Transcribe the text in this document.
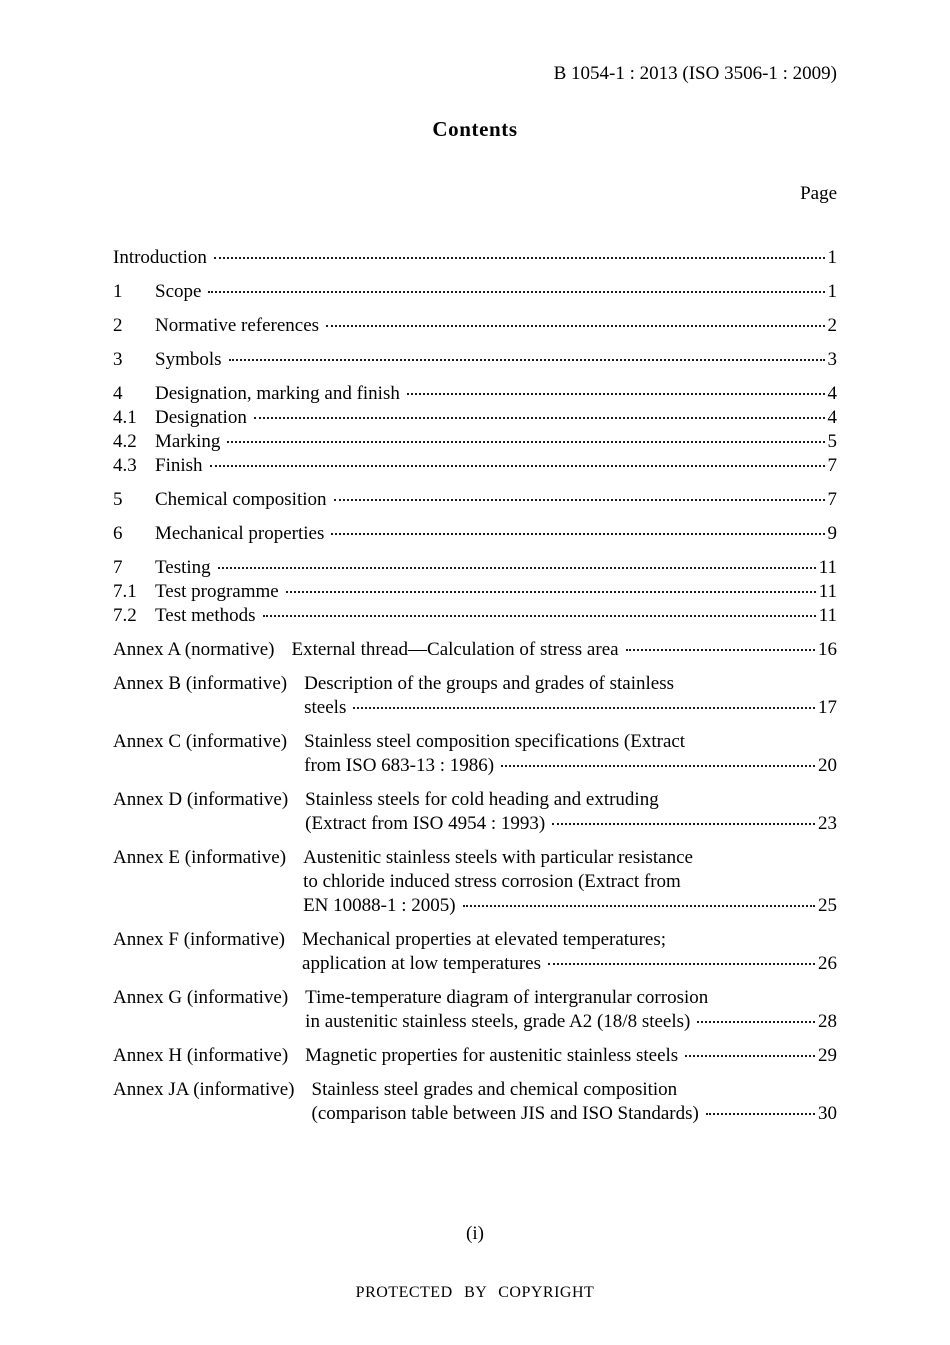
B 1054-1 : 2013 (ISO 3506-1 : 2009)
Contents
Page
Introduction	1
1	Scope	1
2	Normative references	2
3	Symbols	3
4	Designation, marking and finish	4
4.1 Designation	4
4.2 Marking	5
4.3 Finish	7
5	Chemical composition	7
6	Mechanical properties	9
7	Testing	11
7.1 Test programme	11
7.2 Test methods	11
Annex A (normative) External thread—Calculation of stress area	16
Annex B (informative) Description of the groups and grades of stainless
steels	17
Annex C (informative) Stainless steel composition specifications (Extract
from ISO 683-13 : 1986)	20
Annex D (informative) Stainless steels for cold heading and extruding
(Extract from ISO 4954 : 1993)	23
Annex E (informative) Austenitic stainless steels with particular resistance
to chloride induced stress corrosion (Extract from
EN 10088-1 : 2005)	25
Annex F (informative) Mechanical properties at elevated temperatures;
application at low temperatures	26
Annex G (informative) Time-temperature diagram of intergranular corrosion
in austenitic stainless steels, grade A2 (18/8 steels)	28
Annex H (informative) Magnetic properties for austenitic stainless steels	29
Annex JA (informative) Stainless steel grades and chemical composition
(comparison table between JIS and ISO Standards)	30
(i)
PROTECTED BY COPYRIGHT
